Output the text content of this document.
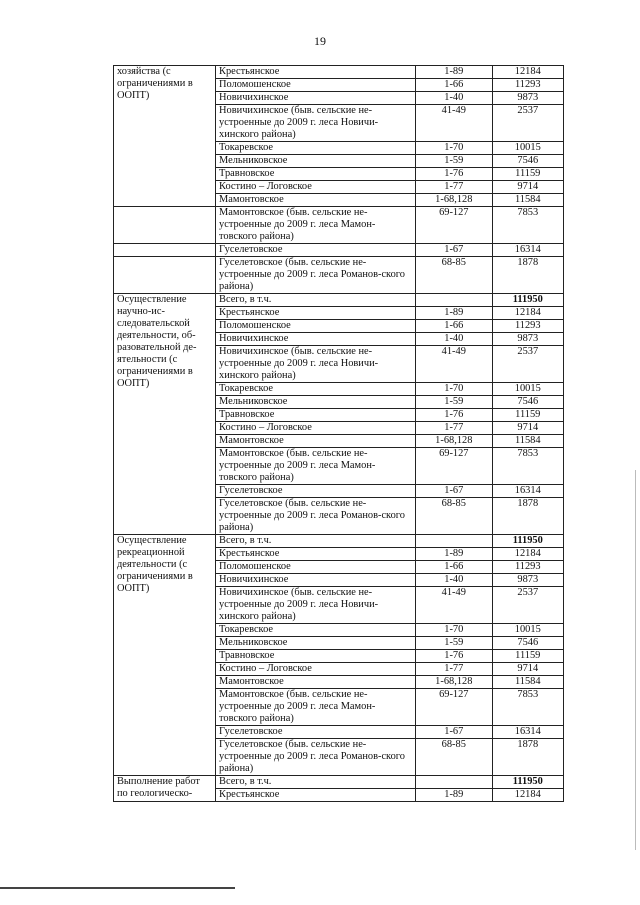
19
хозяйства (с ограничениями в ООПТ)	Крестьянское	1-89	12184
	Поломошенское	1-66	11293
	Новичихинское	1-40	9873
	Новичихинское (быв. сельские не-устроенные до 2009 г. леса Новичи-хинского района)	41-49	2537
	Токаревское	1-70	10015
	Мельниковское	1-59	7546
	Травновское	1-76	11159
	Костино – Логовское	1-77	9714
	Мамонтовское	1-68,128	11584
	Мамонтовское (быв. сельские не-устроенные до 2009 г. леса Мамон-товского района)	69-127	7853
	Гуселетовское	1-67	16314
	Гуселетовское (быв. сельские не-устроенные до 2009 г. леса Романов-ского района)	68-85	1878
Осуществление научно-ис-следовательской деятельности, об-разовательной де-ятельности (с ограничениями в ООПТ)	Всего, в т.ч.		111950
	Крестьянское	1-89	12184
	Поломошенское	1-66	11293
	Новичихинское	1-40	9873
	Новичихинское (быв. сельские не-устроенные до 2009 г. леса Новичи-хинского района)	41-49	2537
	Токаревское	1-70	10015
	Мельниковское	1-59	7546
	Травновское	1-76	11159
	Костино – Логовское	1-77	9714
	Мамонтовское	1-68,128	11584
	Мамонтовское (быв. сельские не-устроенные до 2009 г. леса Мамон-товского района)	69-127	7853
	Гуселетовское	1-67	16314
	Гуселетовское (быв. сельские не-устроенные до 2009 г. леса Романов-ского района)	68-85	1878
Осуществление рекреационной деятельности (с ограничениями в ООПТ)	Всего, в т.ч.		111950
	Крестьянское	1-89	12184
	Поломошенское	1-66	11293
	Новичихинское	1-40	9873
	Новичихинское (быв. сельские не-устроенные до 2009 г. леса Новичи-хинского района)	41-49	2537
	Токаревское	1-70	10015
	Мельниковское	1-59	7546
	Травновское	1-76	11159
	Костино – Логовское	1-77	9714
	Мамонтовское	1-68,128	11584
	Мамонтовское (быв. сельские не-устроенные до 2009 г. леса Мамон-товского района)	69-127	7853
	Гуселетовское	1-67	16314
	Гуселетовское (быв. сельские не-устроенные до 2009 г. леса Романов-ского района)	68-85	1878
Выполнение работ по геологическо-	Всего, в т.ч.		111950
	Крестьянское	1-89	12184
